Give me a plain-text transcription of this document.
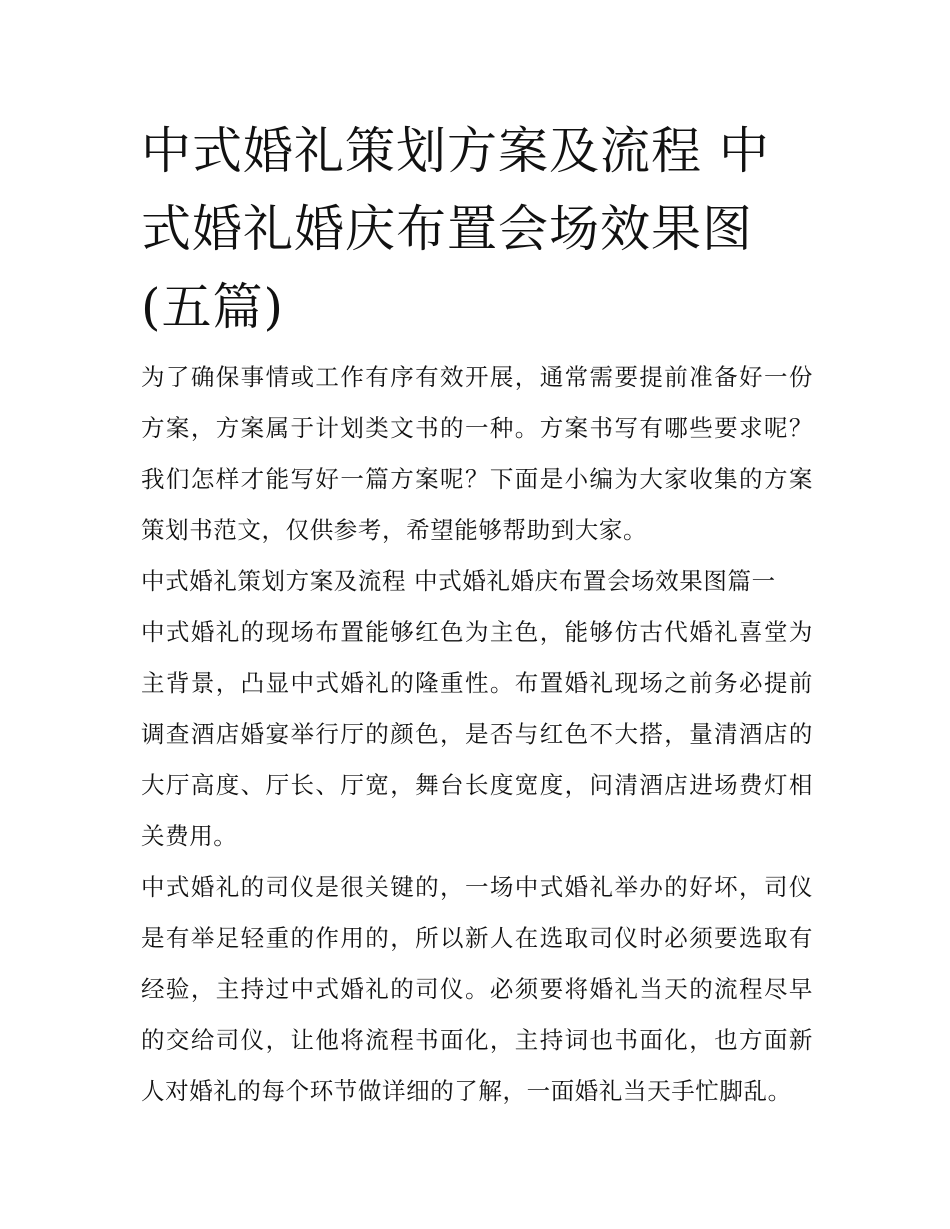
中式婚礼策划方案及流程 中式婚礼婚庆布置会场效果图(五篇)

为了确保事情或工作有序有效开展，通常需要提前准备好一份方案，方案属于计划类文书的一种。方案书写有哪些要求呢？我们怎样才能写好一篇方案呢？下面是小编为大家收集的方案策划书范文，仅供参考，希望能够帮助到大家。

中式婚礼策划方案及流程 中式婚礼婚庆布置会场效果图篇一

中式婚礼的现场布置能够红色为主色，能够仿古代婚礼喜堂为主背景，凸显中式婚礼的隆重性。布置婚礼现场之前务必提前调查酒店婚宴举行厅的颜色，是否与红色不大搭，量清酒店的大厅高度、厅长、厅宽，舞台长度宽度，问清酒店进场费灯相关费用。

中式婚礼的司仪是很关键的，一场中式婚礼举办的好坏，司仪是有举足轻重的作用的，所以新人在选取司仪时必须要选取有经验，主持过中式婚礼的司仪。必须要将婚礼当天的流程尽早的交给司仪，让他将流程书面化，主持词也书面化，也方面新人对婚礼的每个环节做详细的了解，一面婚礼当天手忙脚乱。
